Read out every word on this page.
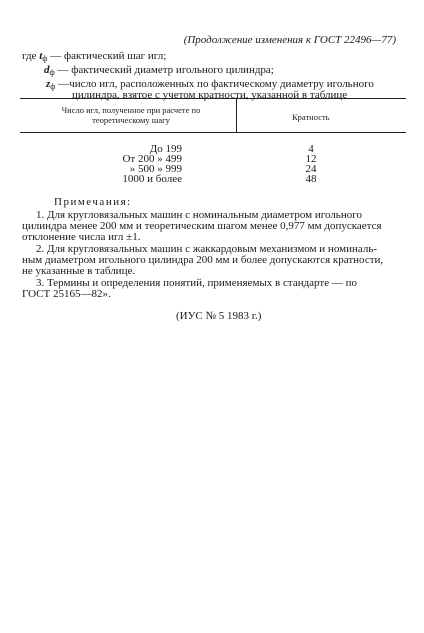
(Продолжение изменения к ГОСТ 22496—77)
где $t_ф$ — фактический шаг игл;
$d_ф$ — фактический диаметр игольного цилиндра;
$z_ф$ —число игл, расположенных по фактическому диаметру игольного
цилиндра, взятое с учетом кратности, указанной в таблице
Число игл, полученное при расчете по теоретическому шагу	Кратность
До 199	4
От 200 » 499	12
» 500 » 999	24
1000 и более	48
Примечания:
1. Для кругловязальных машин с номинальным диаметром игольного
цилиндра менее 200 мм и теоретическим шагом менее 0,977 мм допускается
отклонение числа игл ±1.
2. Для кругловязальных машин с жаккардовым механизмом и номиналь-
ным диаметром игольного цилиндра 200 мм и более допускаются кратности,
не указанные в таблице.
3. Термины и определения понятий, применяемых в стандарте — по
ГОСТ 25165—82».
(ИУС № 5 1983 г.)
